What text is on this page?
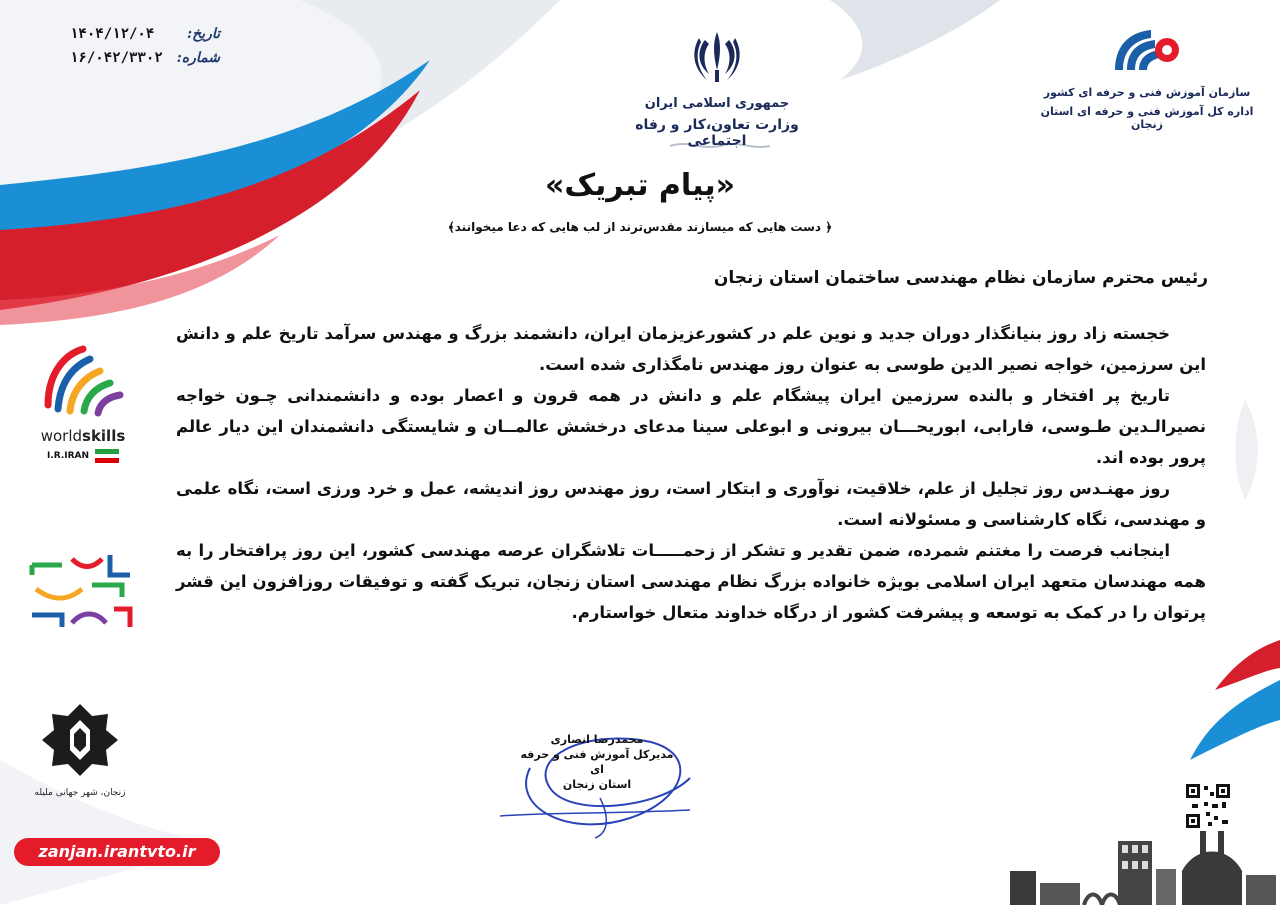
تاریخ:
۱۴۰۴/۱۲/۰۴
شماره:
۱۶/۰۴۲/۳۳۰۲
جمهوری اسلامی ایران
وزارت تعاون،کار و رفاه اجتماعی
سازمان آموزش فنی و حرفه ای کشور
اداره کل آموزش فنی و حرفه ای استان زنجان
«پیام تبریک»
﴿ دست هایی که میسازند مقدس‌ترند از لب هایی که دعا میخوانند﴾
رئیس محترم سازمان نظام مهندسی ساختمان استان زنجان

خجسته زاد روز بنیانگذار دوران جدید و نوین علم در کشورعزیزمان ایران، دانشمند بزرگ و مهندس سرآمد تاریخ علم و دانش این سرزمین، خواجه نصیر الدین طوسی به عنوان روز مهندس نامگذاری شده است.

تاریخ پر افتخار و بالنده سرزمین ایران پیشگام علم و دانش در همه قرون و اعصار بوده و دانشمندانی چـون خواجه نصیرالـدین طـوسی، فارابی، ابوریحـــان بیرونی و ابوعلی سینا مدعای درخشش عالمــان و شایستگی دانشمندان این دیار عالم پرور بوده اند.

روز مهنـدس روز تجلیل از علم، خلاقیت، نوآوری و ابتکار است، روز مهندس روز اندیشه، عمل و خرد ورزی است، نگاه علمی و مهندسی، نگاه کارشناسی و مسئولانه است.

اینجانب فرصت را مغتنم شمرده، ضمن تقدیر و تشکر از زحمـــــات تلاشگران عرصه مهندسی کشور، این روز پرافتخار را به همه مهندسان متعهد ایران اسلامی بویژه خانواده بزرگ نظام مهندسی استان زنجان، تبریک گفته و توفیقات روزافزون این قشر پرتوان را در کمک به توسعه و پیشرفت کشور از درگاه خداوند متعال خواستارم.

محمدرضا انصاری
مدیرکل آموزش فنی و حرفه ای
استان زنجان
worldskills
I.R.IRAN
زنجان، شهر جهانی ملیله
zanjan.irantvto.ir
